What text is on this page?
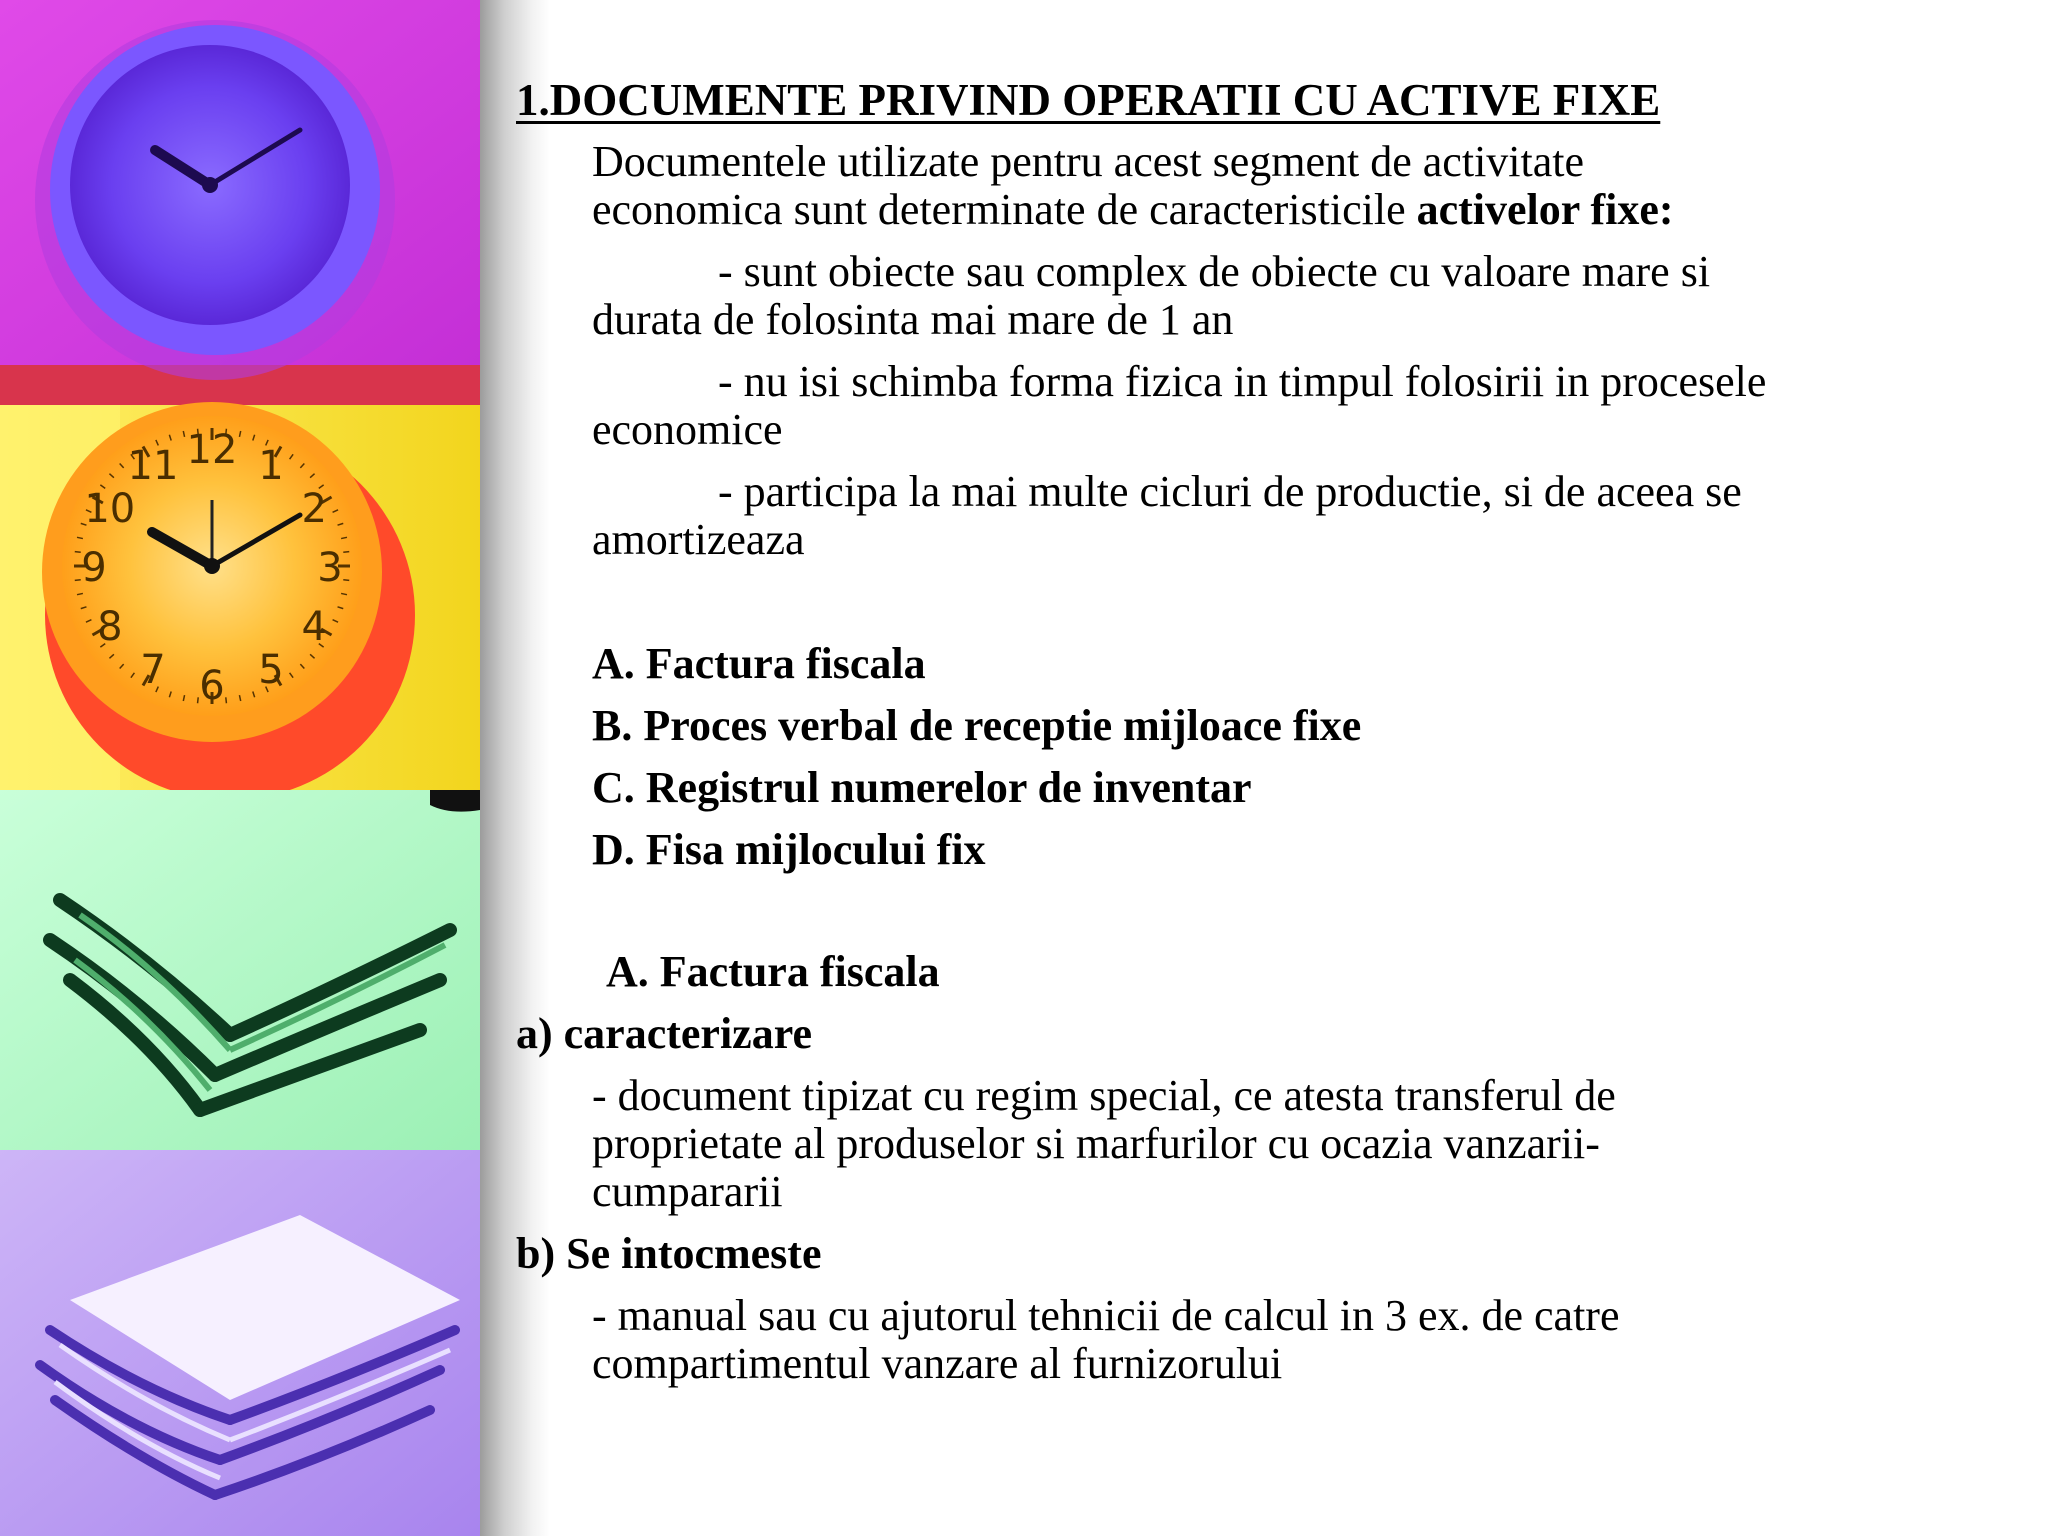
12 1
2
3
4
5
6
7
8
9
10
11
1.DOCUMENTE PRIVIND OPERATII CU ACTIVE FIXE
Documentele utilizate pentru acest segment de activitate
economica sunt determinate de caracteristicile activelor fixe:
- sunt obiecte sau complex de obiecte cu valoare mare si
durata de folosinta mai mare de 1 an
- nu isi schimba forma fizica in timpul folosirii in procesele
economice
- participa la mai multe cicluri de productie, si de aceea se
amortizeaza
A. Factura fiscala
B. Proces verbal de receptie mijloace fixe
C. Registrul numerelor de inventar
D. Fisa mijlocului fix
A. Factura fiscala
a) caracterizare
- document tipizat cu regim special, ce atesta transferul de
proprietate al produselor si marfurilor cu ocazia vanzarii-
cumpararii
b) Se intocmeste
- manual sau cu ajutorul tehnicii de calcul in 3 ex. de catre
compartimentul vanzare al furnizorului
